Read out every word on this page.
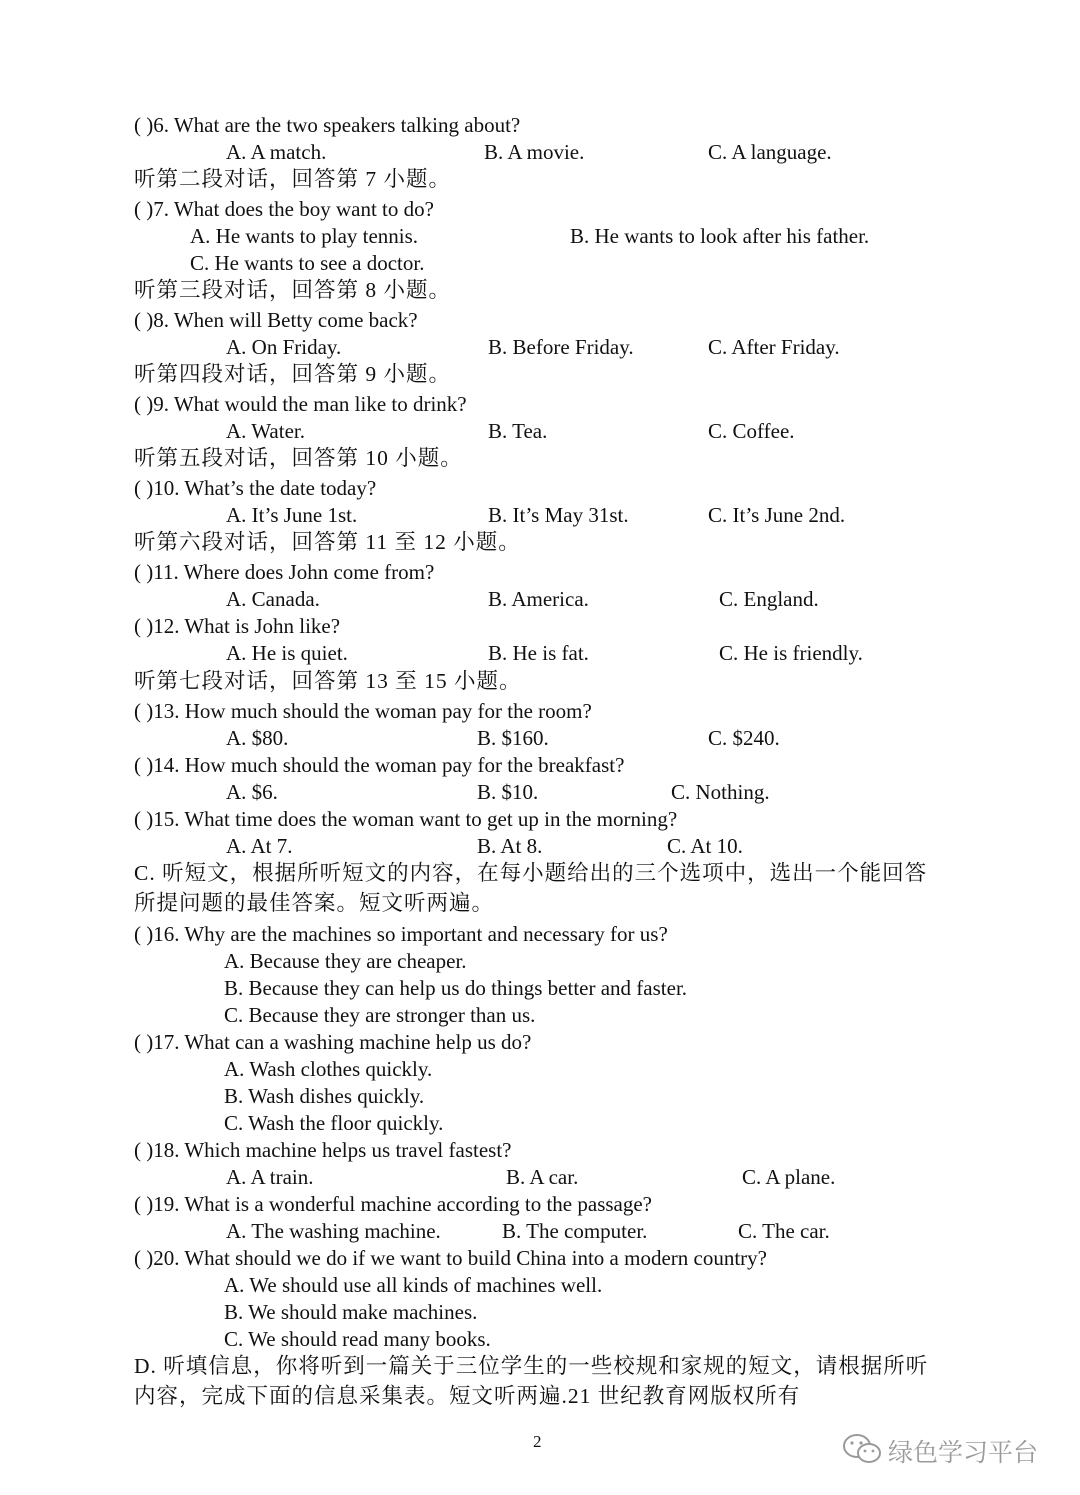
( )6. What are the two speakers talking about?
A. A match.	B. A movie.	C. A language.
听第二段对话，回答第 7 小题。
( )7. What does the boy want to do?
A. He wants to play tennis.	B. He wants to look after his father.
C. He wants to see a doctor.
听第三段对话，回答第 8 小题。
( )8. When will Betty come back?
A. On Friday.	B. Before Friday.	C. After Friday.
听第四段对话，回答第 9 小题。
( )9. What would the man like to drink?
A. Water.	B. Tea.	C. Coffee.
听第五段对话，回答第 10 小题。
( )10. What’s the date today?
A. It’s June 1st.	B. It’s May 31st.	C. It’s June 2nd.
听第六段对话，回答第 11 至 12 小题。
( )11. Where does John come from?
A. Canada.	B. America.	C. England.
( )12. What is John like?
A. He is quiet.	B. He is fat.	C. He is friendly.
听第七段对话，回答第 13 至 15 小题。
( )13. How much should the woman pay for the room?
A. $80.	B. $160.	C. $240.
( )14. How much should the woman pay for the breakfast?
A. $6.	B. $10.	C. Nothing.
( )15. What time does the woman want to get up in the morning?
A. At 7.	B. At 8.	C. At 10.
C. 听短文，根据所听短文的内容，在每小题给出的三个选项中，选出一个能回答
所提问题的最佳答案。短文听两遍。
( )16. Why are the machines so important and necessary for us?
A. Because they are cheaper.
B. Because they can help us do things better and faster.
C. Because they are stronger than us.
( )17. What can a washing machine help us do?
A. Wash clothes quickly.
B. Wash dishes quickly.
C. Wash the floor quickly.
( )18. Which machine helps us travel fastest?
A. A train.	B. A car.	C. A plane.
( )19. What is a wonderful machine according to the passage?
A. The washing machine.	B. The computer.	C. The car.
( )20. What should we do if we want to build China into a modern country?
A. We should use all kinds of machines well.
B. We should make machines.
C. We should read many books.
D. 听填信息，你将听到一篇关于三位学生的一些校规和家规的短文，请根据所听
内容，完成下面的信息采集表。短文听两遍.21 世纪教育网版权所有
2	绿色学习平台
